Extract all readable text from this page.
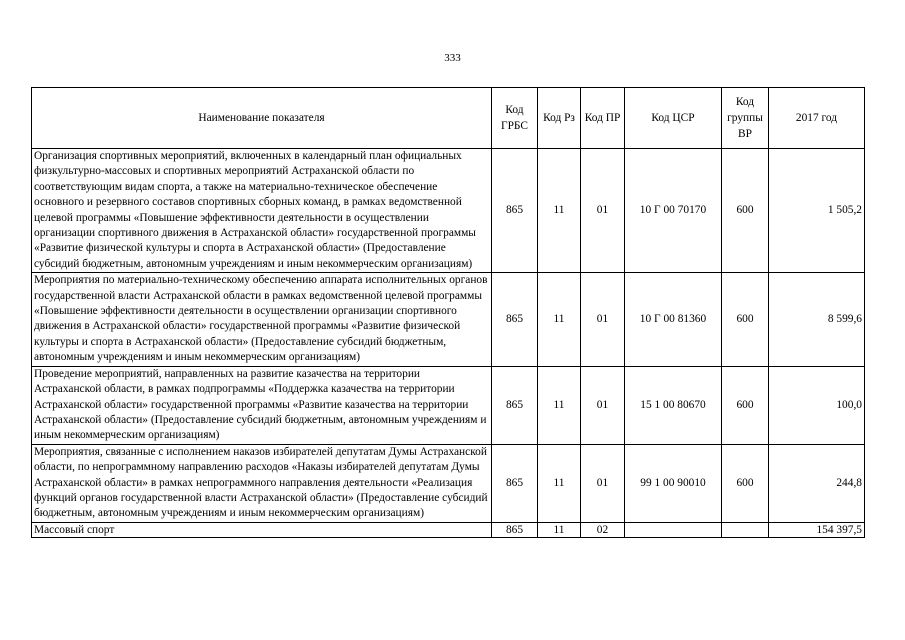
333
Наименование показателя	Код ГРБС	Код Рз	Код ПР	Код ЦСР	Код группы ВР	2017 год
Организация спортивных мероприятий, включенных в календарный план официальных физкультурно-массовых и спортивных мероприятий Астраханской области по соответствующим видам спорта, а также на материально-техническое обеспечение основного и резервного составов спортивных сборных команд, в рамках ведомственной целевой программы «Повышение эффективности деятельности в осуществлении организации спортивного движения в Астраханской области» государственной программы «Развитие физической культуры и спорта в Астраханской области» (Предоставление субсидий бюджетным, автономным учреждениям и иным некоммерческим организациям)	865	11	01	10 Г 00 70170	600	1 505,2
Мероприятия по материально-техническому обеспечению аппарата исполнительных органов государственной власти Астраханской области в рамках ведомственной целевой программы «Повышение эффективности деятельности в осуществлении организации спортивного движения в Астраханской области» государственной программы «Развитие физической культуры и спорта в Астраханской области» (Предоставление субсидий бюджетным, автономным учреждениям и иным некоммерческим организациям)	865	11	01	10 Г 00 81360	600	8 599,6
Проведение мероприятий, направленных на развитие казачества на территории Астраханской области, в рамках подпрограммы «Поддержка казачества на территории Астраханской области» государственной программы «Развитие казачества на территории Астраханской области» (Предоставление субсидий бюджетным, автономным учреждениям и иным некоммерческим организациям)	865	11	01	15 1 00 80670	600	100,0
Мероприятия, связанные с исполнением наказов избирателей депутатам Думы Астраханской области, по непрограммному направлению расходов «Наказы избирателей депутатам Думы Астраханской области» в рамках непрограммного направления деятельности «Реализация функций органов государственной власти Астраханской области» (Предоставление субсидий бюджетным, автономным учреждениям и иным некоммерческим организациям)	865	11	01	99 1 00 90010	600	244,8
Массовый спорт	865	11	02			154 397,5
